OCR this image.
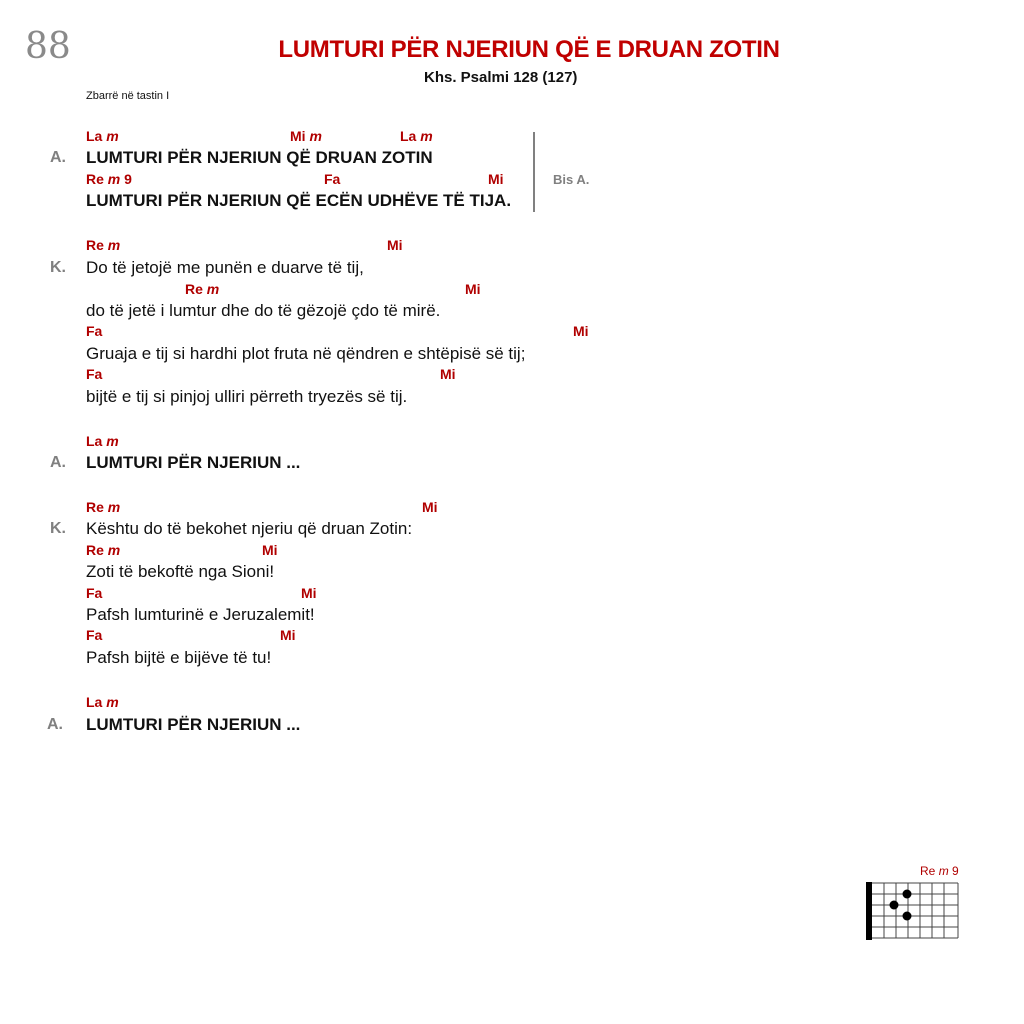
88	LUMTURI PËR NJERIUN QË E DRUAN ZOTIN
Khs. Psalmi 128 (127)
Zbarrë në tastin I
La m	Mi m	La m
A. LUMTURI PËR NJERIUN QË DRUAN ZOTIN
Re m 9	Fa	Mi
LUMTURI PËR NJERIUN QË ECËN UDHËVE TË TIJA.
Bis A.
Re m	Mi
K. Do të jetojë me punën e duarve të tij,
Re m	Mi
do të jetë i lumtur dhe do të gëzojë çdo të mirë.
Fa	Mi
Gruaja e tij si hardhi plot fruta në qëndren e shtëpisë së tij;
Fa	Mi
bijtë e tij si pinjoj ulliri përreth tryezës së tij.
La m
A. LUMTURI PËR NJERIUN ...
Re m	Mi
K. Kështu do të bekohet njeriu që druan Zotin:
Re m	Mi
Zoti të bekoftë nga Sioni!
Fa	Mi
Pafsh lumturinë e Jeruzalemit!
Fa	Mi
Pafsh bijtë e bijëve të tu!
La m
A. LUMTURI PËR NJERIUN ...
Re m 9
